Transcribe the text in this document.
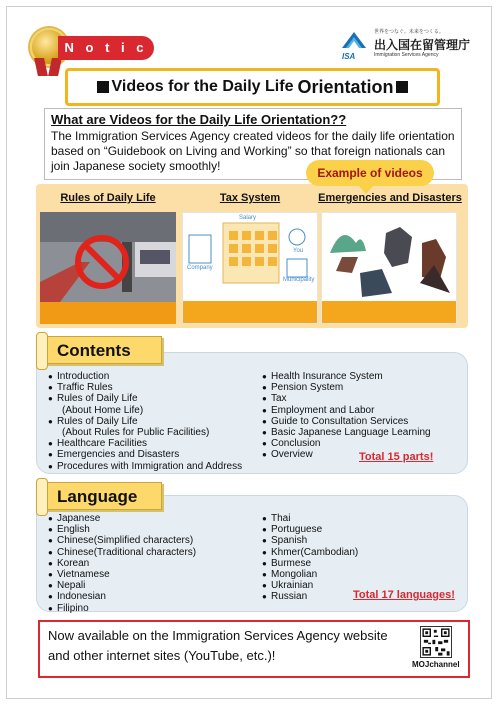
N o t i c e
ISA
世界をつなぐ。未来をつくる。
出入国在留管理庁
Immigration Services Agency
Videos for the Daily Life Orientation

What are Videos for the Daily Life Orientation??

The Immigration Services Agency created videos for the daily life orientation based on “Guidebook on Living and Working” so that foreign nationals can join Japanese society smoothly!	Example of videos
Rules of Daily Life	Tax System	Emergencies and Disasters
Salary
Company
You
Municipality
Contents
● Introduction
● Traffic Rules
● Rules of Daily Life
(About Home Life)
● Rules of Daily Life
(About Rules for Public Facilities)
● Healthcare Facilities
● Emergencies and Disasters
● Procedures with Immigration and Address
● Health Insurance System
● Pension System
● Tax
● Employment and Labor
● Guide to Consultation Services
● Basic Japanese Language Learning
● Conclusion
● Overview	Total 15 parts!
Language
● Japanese
● English
● Chinese(Simplified characters)
● Chinese(Traditional characters)
● Korean
● Vietnamese
● Nepali
● Indonesian
● Filipino
● Thai
● Portuguese
● Spanish
● Khmer(Cambodian)
● Burmese
● Mongolian
● Ukrainian
● Russian	Total 17 languages!
Now available on the Immigration Services Agency website and other internet sites (YouTube, etc.)!
MOJchannel
